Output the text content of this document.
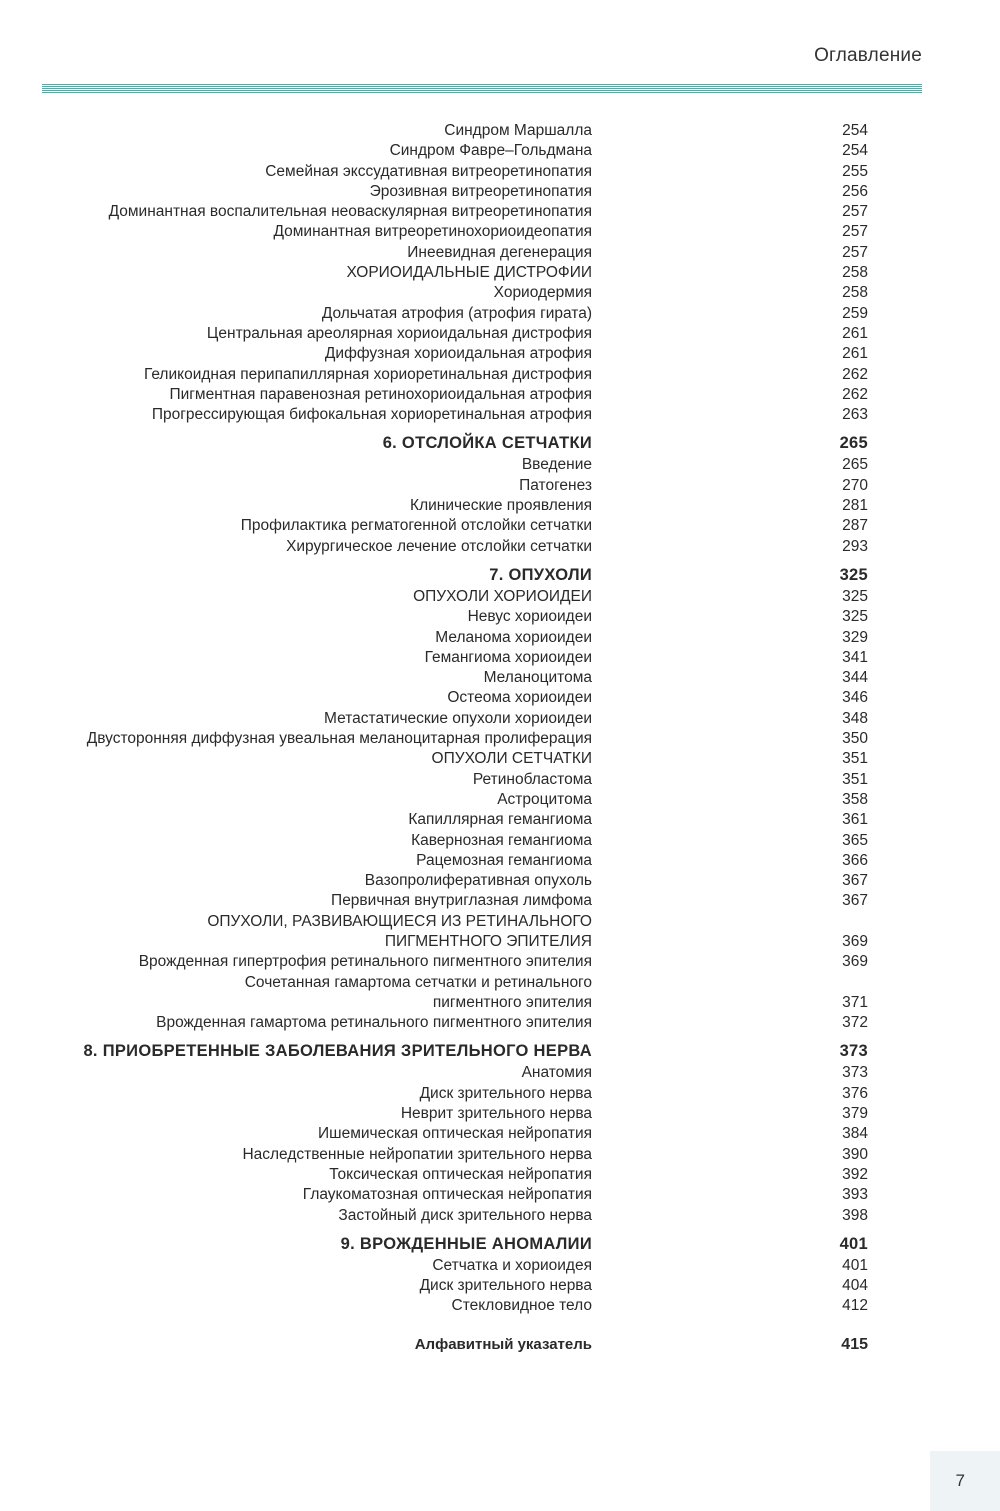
Оглавление
Синдром Маршалла	254
Синдром Фавре–Гольдмана	254
Семейная экссудативная витреоретинопатия	255
Эрозивная витреоретинопатия	256
Доминантная воспалительная неоваскулярная витреоретинопатия	257
Доминантная витреоретинохориоидеопатия	257
Инеевидная дегенерация	257
ХОРИОИДАЛЬНЫЕ ДИСТРОФИИ	258
Хориодермия	258
Дольчатая атрофия (атрофия гирата)	259
Центральная ареолярная хориоидальная дистрофия	261
Диффузная хориоидальная атрофия	261
Геликоидная перипапиллярная хориоретинальная дистрофия	262
Пигментная паравенозная ретинохориоидальная атрофия	262
Прогрессирующая бифокальная хориоретинальная атрофия	263
6. ОТСЛОЙКА СЕТЧАТКИ	265
Введение	265
Патогенез	270
Клинические проявления	281
Профилактика регматогенной отслойки сетчатки	287
Хирургическое лечение отслойки сетчатки	293
7. ОПУХОЛИ	325
ОПУХОЛИ ХОРИОИДЕИ	325
Невус хориоидеи	325
Меланома хориоидеи	329
Гемангиома хориоидеи	341
Меланоцитома	344
Остеома хориоидеи	346
Метастатические опухоли хориоидеи	348
Двусторонняя диффузная увеальная меланоцитарная пролиферация	350
ОПУХОЛИ СЕТЧАТКИ	351
Ретинобластома	351
Астроцитома	358
Капиллярная гемангиома	361
Кавернозная гемангиома	365
Рацемозная гемангиома	366
Вазопролиферативная опухоль	367
Первичная внутриглазная лимфома	367
ОПУХОЛИ, РАЗВИВАЮЩИЕСЯ ИЗ РЕТИНАЛЬНОГО
ПИГМЕНТНОГО ЭПИТЕЛИЯ	369
Врожденная гипертрофия ретинального пигментного эпителия	369
Сочетанная гамартома сетчатки и ретинального
пигментного эпителия	371
Врожденная гамартома ретинального пигментного эпителия	372
8. ПРИОБРЕТЕННЫЕ ЗАБОЛЕВАНИЯ ЗРИТЕЛЬНОГО НЕРВА	373
Анатомия	373
Диск зрительного нерва	376
Неврит зрительного нерва	379
Ишемическая оптическая нейропатия	384
Наследственные нейропатии зрительного нерва	390
Токсическая оптическая нейропатия	392
Глаукоматозная оптическая нейропатия	393
Застойный диск зрительного нерва	398
9. ВРОЖДЕННЫЕ АНОМАЛИИ	401
Сетчатка и хориоидея	401
Диск зрительного нерва	404
Стекловидное тело	412
Алфавитный указатель	415
7
